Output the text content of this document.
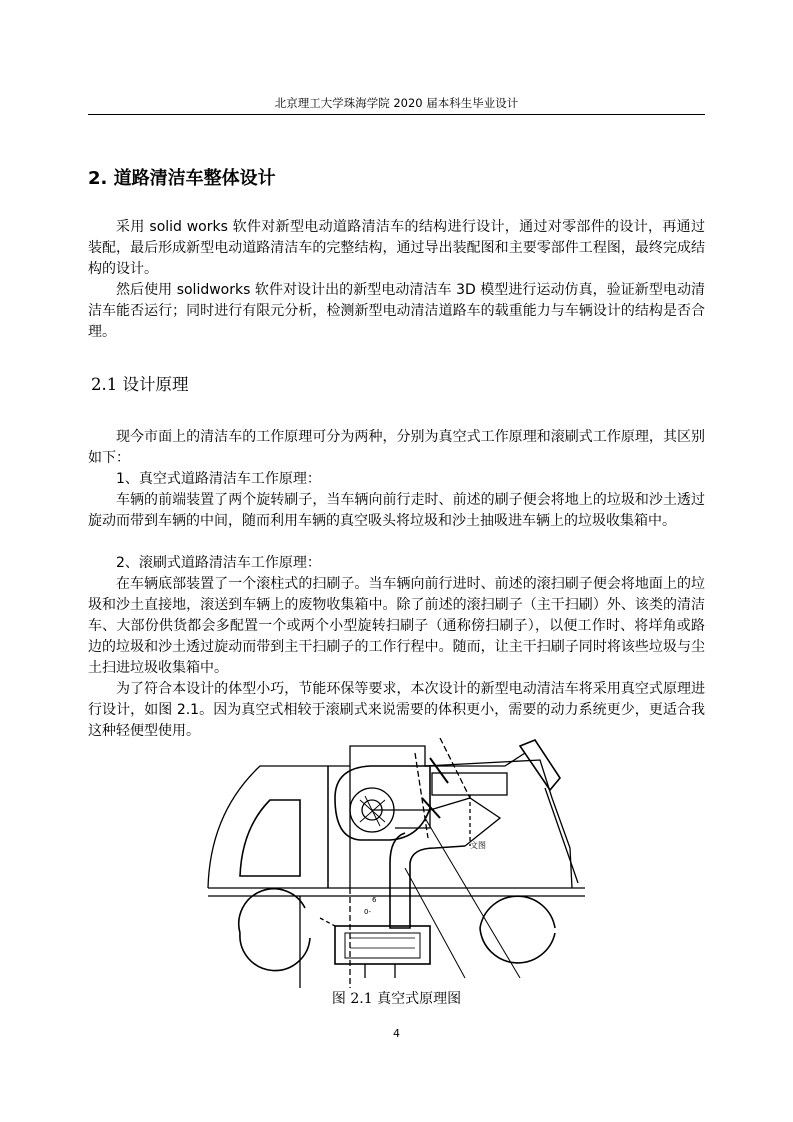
北京理工大学珠海学院 2020 届本科生毕业设计
2. 道路清洁车整体设计

采用 solid works 软件对新型电动道路清洁车的结构进行设计，通过对零部件的设计，再通过装配，最后形成新型电动道路清洁车的完整结构，通过导出装配图和主要零部件工程图，最终完成结构的设计。

然后使用 solidworks 软件对设计出的新型电动清洁车 3D 模型进行运动仿真，验证新型电动清洁车能否运行；同时进行有限元分析，检测新型电动清洁道路车的载重能力与车辆设计的结构是否合理。

2.1 设计原理

现今市面上的清洁车的工作原理可分为两种，分别为真空式工作原理和滚刷式工作原理，其区别如下：

1、真空式道路清洁车工作原理：

车辆的前端装置了两个旋转刷子，当车辆向前行走时、前述的刷子便会将地上的垃圾和沙土透过旋动而带到车辆的中间，随而利用车辆的真空吸头将垃圾和沙土抽吸进车辆上的垃圾收集箱中。

2、滚刷式道路清洁车工作原理：

在车辆底部装置了一个滚柱式的扫刷子。当车辆向前行进时、前述的滚扫刷子便会将地面上的垃圾和沙土直接地，滚送到车辆上的废物收集箱中。除了前述的滚扫刷子（主干扫刷）外、该类的清洁车、大部份供货都会多配置一个或两个小型旋转扫刷子（通称傍扫刷子），以便工作时、将垟角或路边的垃圾和沙土透过旋动而带到主干扫刷子的工作行程中。随而，让主干扫刷子同时将该些垃圾与尘土扫进垃圾收集箱中。

为了符合本设计的体型小巧，节能环保等要求，本次设计的新型电动清洁车将采用真空式原理进行设计，如图 2.1。因为真空式相较于滚刷式来说需要的体积更小，需要的动力系统更少，更适合我这种轻便型使用。

6
0-
文图
图 2.1 真空式原理图
4
